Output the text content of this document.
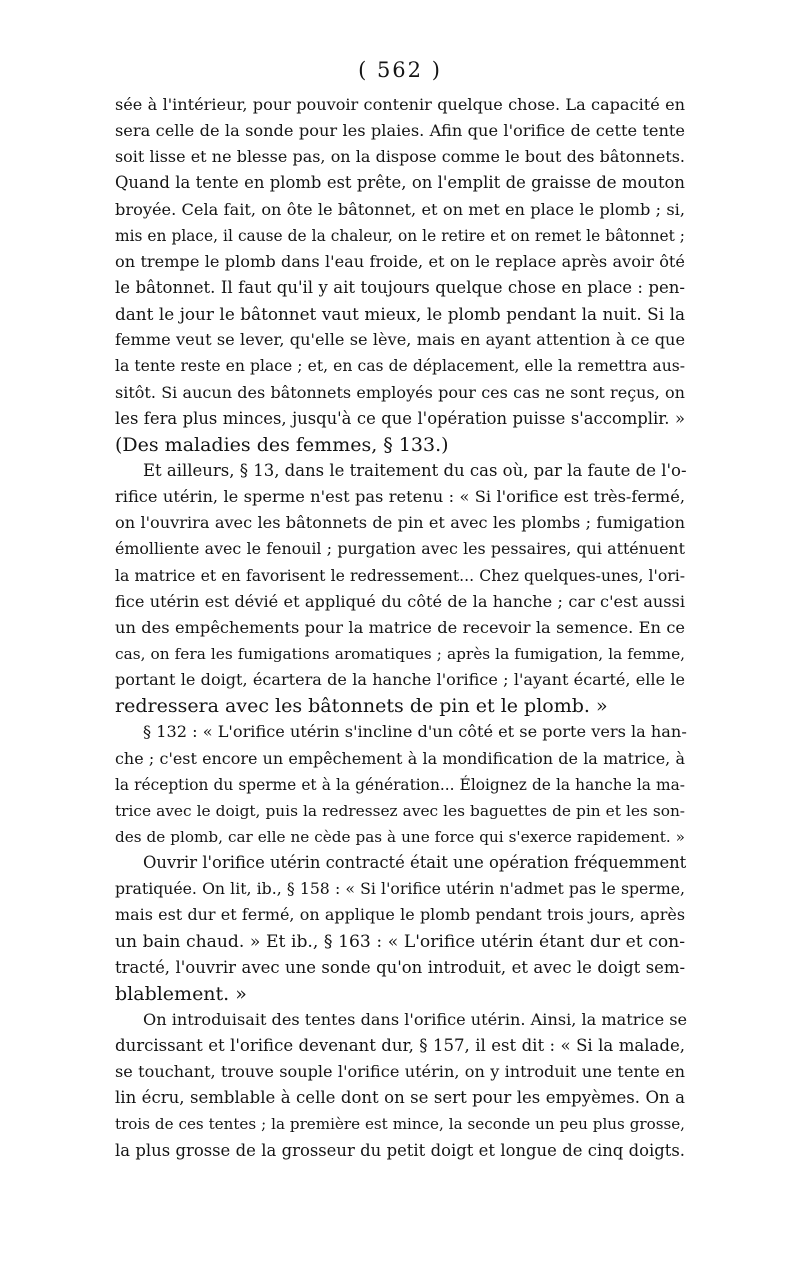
( 562 )
sée à l'intérieur, pour pouvoir contenir quelque chose. La capacité en
sera celle de la sonde pour les plaies. Afin que l'orifice de cette tente
soit lisse et ne blesse pas, on la dispose comme le bout des bâtonnets.
Quand la tente en plomb est prête, on l'emplit de graisse de mouton
broyée. Cela fait, on ôte le bâtonnet, et on met en place le plomb ; si,
mis en place, il cause de la chaleur, on le retire et on remet le bâtonnet ;
on trempe le plomb dans l'eau froide, et on le replace après avoir ôté
le bâtonnet. Il faut qu'il y ait toujours quelque chose en place : pen-
dant le jour le bâtonnet vaut mieux, le plomb pendant la nuit. Si la
femme veut se lever, qu'elle se lève, mais en ayant attention à ce que
la tente reste en place ; et, en cas de déplacement, elle la remettra aus-
sitôt. Si aucun des bâtonnets employés pour ces cas ne sont reçus, on
les fera plus minces, jusqu'à ce que l'opération puisse s'accomplir. »
(Des maladies des femmes, § 133.)
Et ailleurs, § 13, dans le traitement du cas où, par la faute de l'o-
rifice utérin, le sperme n'est pas retenu : « Si l'orifice est très-fermé,
on l'ouvrira avec les bâtonnets de pin et avec les plombs ; fumigation
émolliente avec le fenouil ; purgation avec les pessaires, qui atténuent
la matrice et en favorisent le redressement... Chez quelques-unes, l'ori-
fice utérin est dévié et appliqué du côté de la hanche ; car c'est aussi
un des empêchements pour la matrice de recevoir la semence. En ce
cas, on fera les fumigations aromatiques ; après la fumigation, la femme,
portant le doigt, écartera de la hanche l'orifice ; l'ayant écarté, elle le
redressera avec les bâtonnets de pin et le plomb. »
§ 132 : « L'orifice utérin s'incline d'un côté et se porte vers la han-
che ; c'est encore un empêchement à la mondification de la matrice, à
la réception du sperme et à la génération... Éloignez de la hanche la ma-
trice avec le doigt, puis la redressez avec les baguettes de pin et les son-
des de plomb, car elle ne cède pas à une force qui s'exerce rapidement. »
Ouvrir l'orifice utérin contracté était une opération fréquemment
pratiquée. On lit, ib., § 158 : « Si l'orifice utérin n'admet pas le sperme,
mais est dur et fermé, on applique le plomb pendant trois jours, après
un bain chaud. » Et ib., § 163 : « L'orifice utérin étant dur et con-
tracté, l'ouvrir avec une sonde qu'on introduit, et avec le doigt sem-
blablement. »
On introduisait des tentes dans l'orifice utérin. Ainsi, la matrice se
durcissant et l'orifice devenant dur, § 157, il est dit : « Si la malade,
se touchant, trouve souple l'orifice utérin, on y introduit une tente en
lin écru, semblable à celle dont on se sert pour les empyèmes. On a
trois de ces tentes ; la première est mince, la seconde un peu plus grosse,
la plus grosse de la grosseur du petit doigt et longue de cinq doigts.
